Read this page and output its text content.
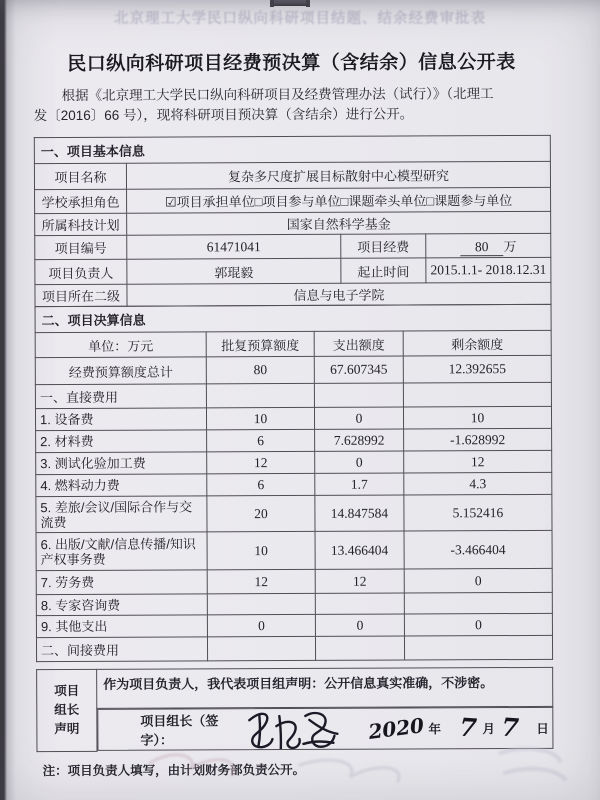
北京理工大学民口纵向科研项目结题、结余经费审批表
民口纵向科研项目经费预决算（含结余）信息公开表
根据《北京理工大学民口纵向科研项目及经费管理办法（试行）》（北理工
发〔2016〕66 号），现将科研项目预决算（含结余）进行公开。
一、项目基本信息			
项目名称	复杂多尺度扩展目标散射中心模型研究		
学校承担角色	☑项目承担单位□项目参与单位□课题牵头单位□课题参与单位		
所属科技计划	国家自然科学基金		
项目编号	61471041	项目经费	80 万
项目负责人	郭琨毅	起止时间	2015.1.1- 2018.12.31
项目所在二级	信息与电子学院		
二、项目决算信息			
单位：万元	批复预算额度	支出额度	剩余额度
经费预算额度总计	80	67.607345	12.392655
一、直接费用			
1. 设备费	10	0	10
2. 材料费	6	7.628992	-1.628992
3. 测试化验加工费	12	0	12
4. 燃料动力费	6	1.7	4.3
5. 差旅/会议/国际合作与交流费	20	14.847584	5.152416
6. 出版/文献/信息传播/知识产权事务费	10	13.466404	-3.466404
7. 劳务费	12	12	0
8. 专家咨询费			
9. 其他支出	0	0	0
二、间接费用			
项目
组长
声明	作为项目负责人，我代表项目组声明：公开信息真实准确，不涉密。

项目组长（签字）：	2020 年 7 月 7 日
注：项目负责人填写，由计划财务部负责公开。
